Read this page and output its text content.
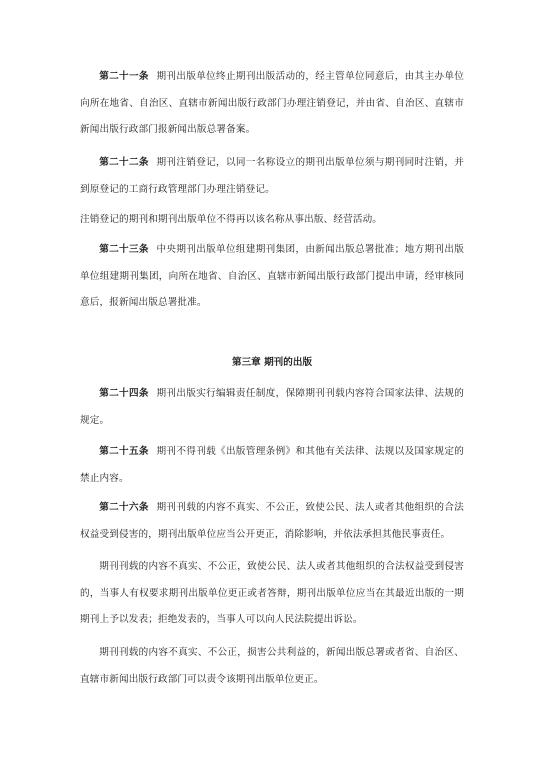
第二十一条 期刊出版单位终止期刊出版活动的，经主管单位同意后，由其主办单位向所在地省、自治区、直辖市新闻出版行政部门办理注销登记，并由省、自治区、直辖市新闻出版行政部门报新闻出版总署备案。
第二十二条 期刊注销登记，以同一名称设立的期刊出版单位须与期刊同时注销，并到原登记的工商行政管理部门办理注销登记。
注销登记的期刊和期刊出版单位不得再以该名称从事出版、经营活动。
第二十三条 中央期刊出版单位组建期刊集团，由新闻出版总署批准；地方期刊出版单位组建期刊集团，向所在地省、自治区、直辖市新闻出版行政部门提出申请，经审核同意后，报新闻出版总署批准。
第三章 期刊的出版
第二十四条 期刊出版实行编辑责任制度，保障期刊刊载内容符合国家法律、法规的规定。
第二十五条 期刊不得刊载《出版管理条例》和其他有关法律、法规以及国家规定的禁止内容。
第二十六条 期刊刊载的内容不真实、不公正，致使公民、法人或者其他组织的合法权益受到侵害的，期刊出版单位应当公开更正，消除影响，并依法承担其他民事责任。
期刊刊载的内容不真实、不公正，致使公民、法人或者其他组织的合法权益受到侵害的，当事人有权要求期刊出版单位更正或者答辩，期刊出版单位应当在其最近出版的一期期刊上予以发表；拒绝发表的，当事人可以向人民法院提出诉讼。
期刊刊载的内容不真实、不公正，损害公共利益的，新闻出版总署或者省、自治区、直辖市新闻出版行政部门可以责令该期刊出版单位更正。
